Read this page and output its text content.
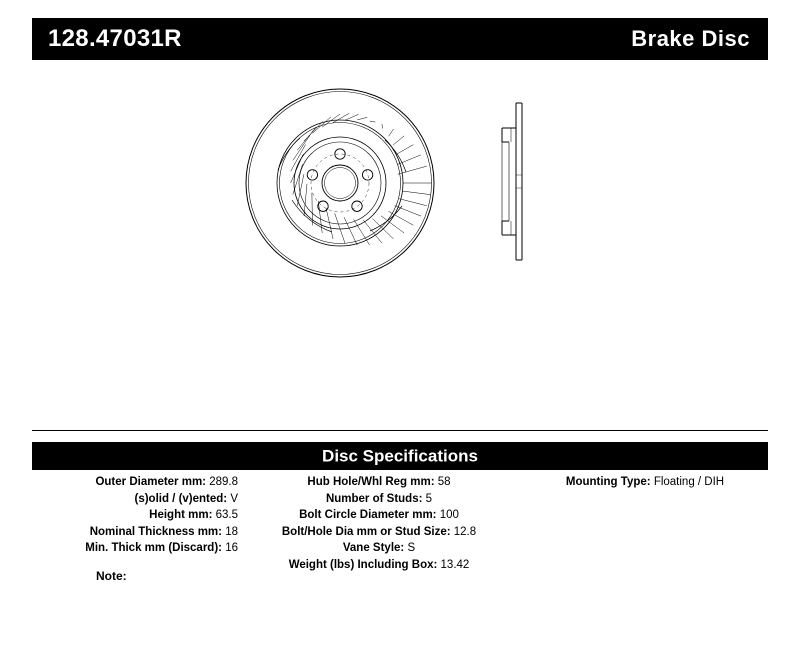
128.47031R	Brake Disc
Disc Specifications
Outer Diameter mm: 289.8
(s)olid / (v)ented: V
Height mm: 63.5
Nominal Thickness mm: 18
Min. Thick mm (Discard): 16
Hub Hole/Whl Reg mm: 58
Number of Studs: 5
Bolt Circle Diameter mm: 100
Bolt/Hole Dia mm or Stud Size: 12.8
Vane Style: S
Weight (lbs) Including Box: 13.42
Mounting Type: Floating / DIH
Note:
